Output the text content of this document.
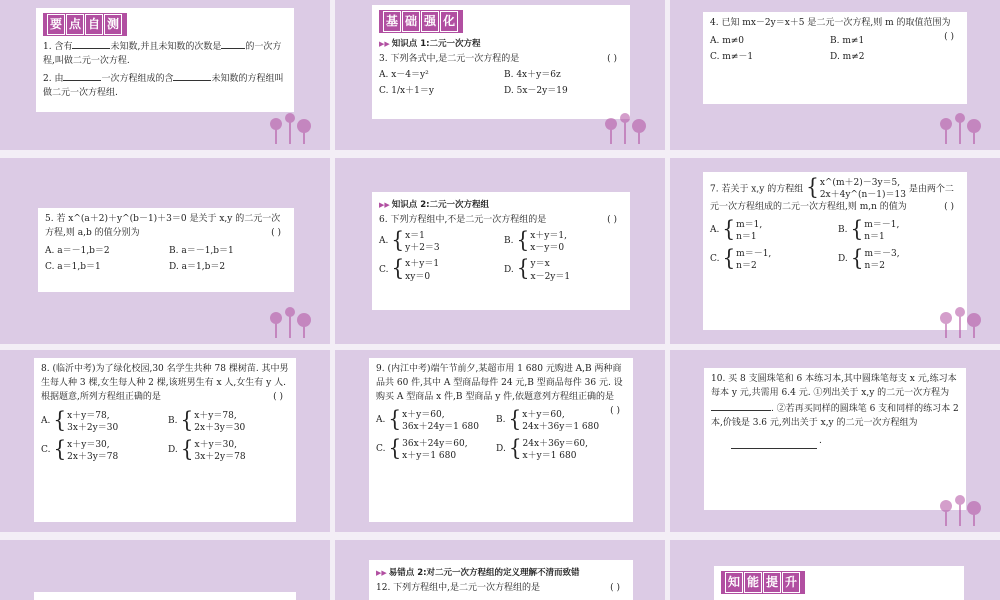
要 点 自 测

1. 含有	未知数,并且未知数的次数是	的一次方程,叫做二元一次方程.

2. 由	一次方程组成的含	未知数的方程组叫做二元一次方程组.

基 础 强 化
▶▶ 知识点 1:二元一次方程

3. 下列各式中,是二元一次方程的是	( )

A. x－4＝y²	B. 4x＋y＝6z
C. 1/x＋1＝y	D. 5x－2y＝19

4. 已知 mx－2y＝x＋5 是二元一次方程,则 m 的取值范围为
( )

A. m≠0	B. m≠1
C. m≠－1	D. m≠2

5. 若 x^(a＋2)＋y^(b－1)＋3＝0 是关于 x,y 的二元一次方程,则 a,b 的值分别为	( )

A. a＝－1,b＝2	B. a＝－1,b＝1
C. a＝1,b＝1	D. a＝1,b＝2
▶▶ 知识点 2:二元一次方程组

6. 下列方程组中,不是二元一次方程组的是	( )

A. { x＝1
y＋2＝3
B. { x＋y＝1,
x－y＝0
C. { x＋y＝1
xy＝0
D. { y＝x
x－2y＝1

7. 若关于 x,y 的方程组 { x^(m＋2)－3y＝5,
2x＋4y^(n－1)＝13
是由两个二元一次方程组成的二元一次方程组,则 m,n 的值为	( )

A. { m＝1,
n＝1
B. { m＝－1,
n＝1
C. { m＝－1,
n＝2
D. { m＝－3,
n＝2

8. (临沂中考)为了绿化校园,30 名学生共种 78 棵树苗. 其中男生每人种 3 棵,女生每人种 2 棵,该班男生有 x 人,女生有 y 人. 根据题意,所列方程组正确的是	( )

A. { x＋y＝78,
3x＋2y＝30
B. { x＋y＝78,
2x＋3y＝30
C. { x＋y＝30,
2x＋3y＝78
D. { x＋y＝30,
3x＋2y＝78

9. (内江中考)端午节前夕,某超市用 1 680 元购进 A,B 两种商品共 60 件,其中 A 型商品每件 24 元,B 型商品每件 36 元. 设购买 A 型商品 x 件,B 型商品 y 件,依题意列方程组正确的是
( )

A. { x＋y＝60,
36x＋24y＝1 680
B. { x＋y＝60,
24x＋36y＝1 680
C. { 36x＋24y＝60,
x＋y＝1 680
D. { 24x＋36y＝60,
x＋y＝1 680

10. 买 8 支圆珠笔和 6 本练习本,其中圆珠笔每支 x 元,练习本每本 y 元,共需用 6.4 元. ①列出关于 x,y 的二元一次方程为. ②若再买同样的圆珠笔 6 支和同样的练习本 2 本,价钱是 3.6 元,列出关于 x,y 的二元一次方程组为

.
▶▶ 易错点 2:对二元一次方程组的定义理解不清而致错

12. 下列方程组中,是二元一次方程组的是	( )	知 能 提 升
